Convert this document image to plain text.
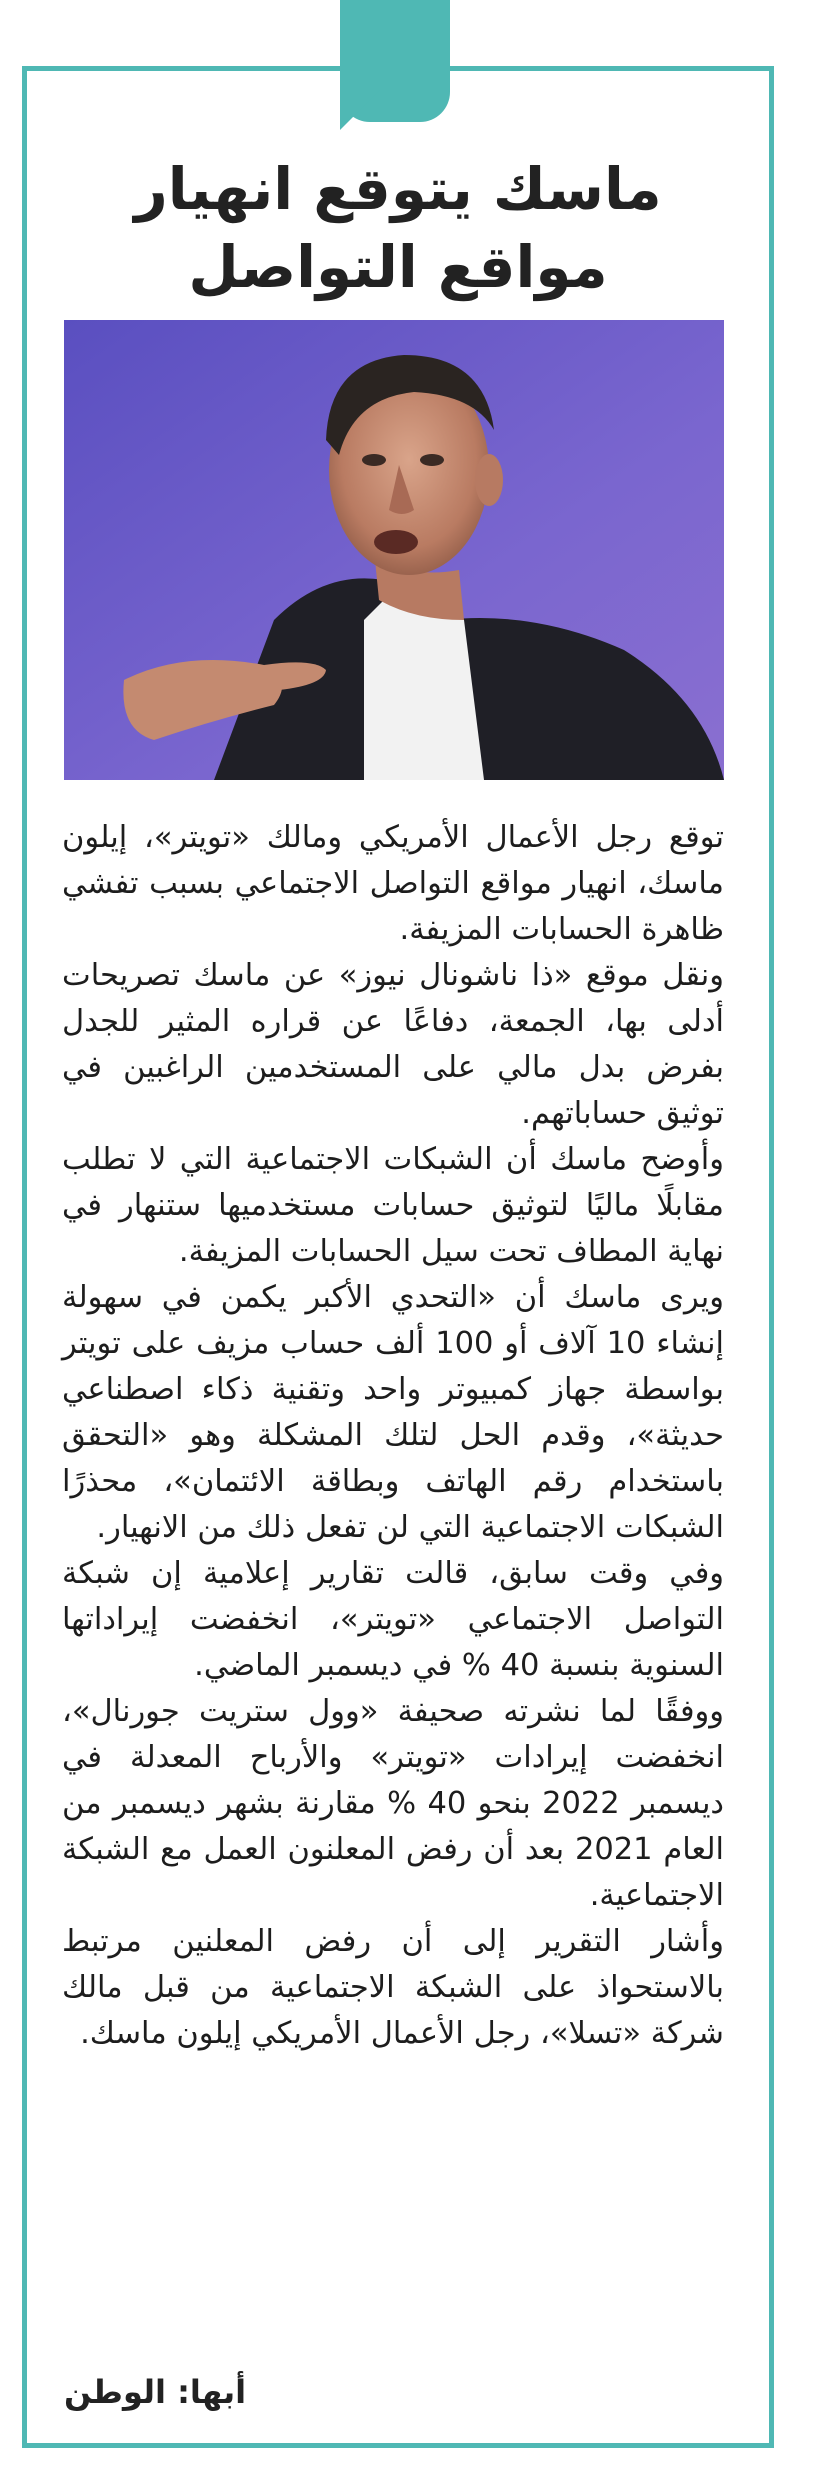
ماسك يتوقع انهيار مواقع التواصل

توقع رجل الأعمال الأمريكي ومالك «تويتر»، إيلون ماسك، انهيار مواقع التواصل الاجتماعي بسبب تفشي ظاهرة الحسابات المزيفة.

ونقل موقع «ذا ناشونال نيوز» عن ماسك تصريحات أدلى بها، الجمعة، دفاعًا عن قراره المثير للجدل بفرض بدل مالي على المستخدمين الراغبين في توثيق حساباتهم.

وأوضح ماسك أن الشبكات الاجتماعية التي لا تطلب مقابلًا ماليًا لتوثيق حسابات مستخدميها ستنهار في نهاية المطاف تحت سيل الحسابات المزيفة.

ويرى ماسك أن «التحدي الأكبر يكمن في سهولة إنشاء 10 آلاف أو 100 ألف حساب مزيف على تويتر بواسطة جهاز كمبيوتر واحد وتقنية ذكاء اصطناعي حديثة»، وقدم الحل لتلك المشكلة وهو «التحقق باستخدام رقم الهاتف وبطاقة الائتمان»، محذرًا الشبكات الاجتماعية التي لن تفعل ذلك من الانهيار.

وفي وقت سابق، قالت تقارير إعلامية إن شبكة التواصل الاجتماعي «تويتر»، انخفضت إيراداتها السنوية بنسبة 40 % في ديسمبر الماضي.

ووفقًا لما نشرته صحيفة «وول ستريت جورنال»، انخفضت إيرادات «تويتر» والأرباح المعدلة في ديسمبر 2022 بنحو 40 % مقارنة بشهر ديسمبر من العام 2021 بعد أن رفض المعلنون العمل مع الشبكة الاجتماعية.

وأشار التقرير إلى أن رفض المعلنين مرتبط بالاستحواذ على الشبكة الاجتماعية من قبل مالك شركة «تسلا»، رجل الأعمال الأمريكي إيلون ماسك.

أبها: الوطن
